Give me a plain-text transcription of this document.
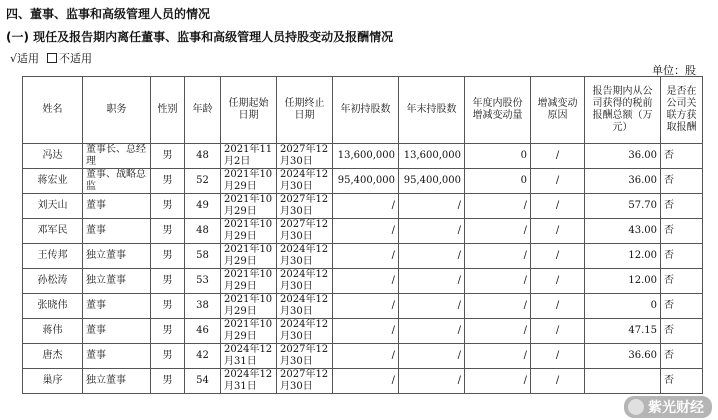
四、董事、监事和高级管理人员的情况
(一) 现任及报告期内离任董事、监事和高级管理人员持股变动及报酬情况
√适用 不适用
单位：股
姓名	职务	性别	年龄	任期起始日期	任期终止日期	年初持股数	年末持股数	年度内股份增减变动量	增减变动原因	报告期内从公司获得的税前报酬总额（万元）	是否在公司关联方获取报酬
冯达	董事长、总经理	男	48	2021年11月2日	2027年12月30日	13,600,000	13,600,000	0	/	36.00	否
蒋宏业	董事、战略总监	男	52	2021年10月29日	2024年12月30日	95,400,000	95,400,000	0	/	36.00	否
刘天山	董事	男	49	2021年10月29日	2027年12月30日	/	/	/	/	57.70	否
邓军民	董事	男	48	2021年10月29日	2027年12月30日	/	/	/	/	43.00	否
王传邦	独立董事	男	58	2021年10月29日	2024年12月30日	/	/	/	/	12.00	否
孙松涛	独立董事	男	53	2021年10月29日	2024年12月30日	/	/	/	/	12.00	否
张晓伟	董事	男	38	2021年10月29日	2024年12月30日	/	/	/	/	0	否
蒋伟	董事	男	46	2021年10月29日	2024年12月30日	/	/	/	/	47.15	否
唐杰	董事	男	42	2024年12月31日	2027年12月30日	/	/	/	/	36.60	否
巢序	独立董事	男	54	2024年12月31日	2027年12月30日	/	/	/	/		否
紫光财经
